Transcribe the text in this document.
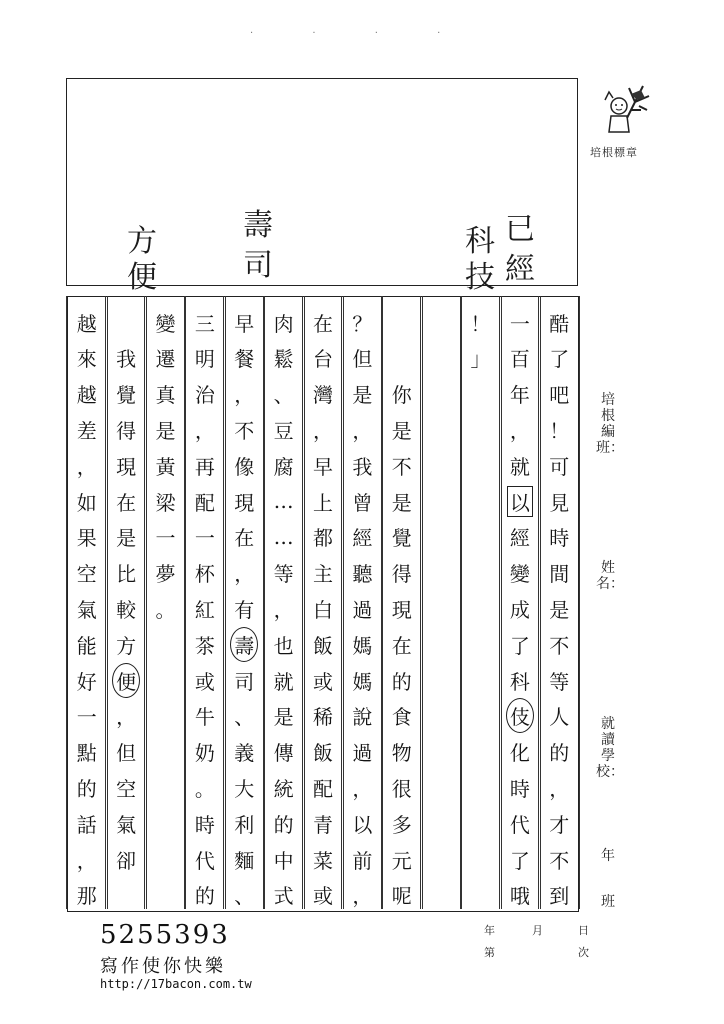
· · · ·
方
便
壽
司
科
技
已
經
培根標章
酷
了
吧
！
可
見
時
間
是
不
等
人
的
，
才
不
到
一
百
年
，
就
以
經
變
成
了
科
伎
化
時
代
了
哦
！
」
你
是
不
是
覺
得
現
在
的
食
物
很
多
元
呢
？
但
是
，
我
曾
經
聽
過
媽
媽
說
過
，
以
前
，
在
台
灣
，
早
上
都
主
白
飯
或
稀
飯
配
青
菜
或
肉
鬆
、
豆
腐
…
…
等
，
也
就
是
傳
統
的
中
式
早
餐
，
不
像
現
在
，
有
壽
司
、
義
大
利
麵
、
三
明
治
，
再
配
一
杯
紅
茶
或
牛
奶
。
時
代
的
變
遷
真
是
黃
梁
一
夢
。
我
覺
得
現
在
是
比
較
方
便
，
但
空
氣
卻
越
來
越
差
，
如
果
空
氣
能
好
一
點
的
話
，
那
培根編班：
姓名：
就讀學校：
年
班
年	月	日
第	次
5255393
寫作使你快樂
http://17bacon.com.tw
